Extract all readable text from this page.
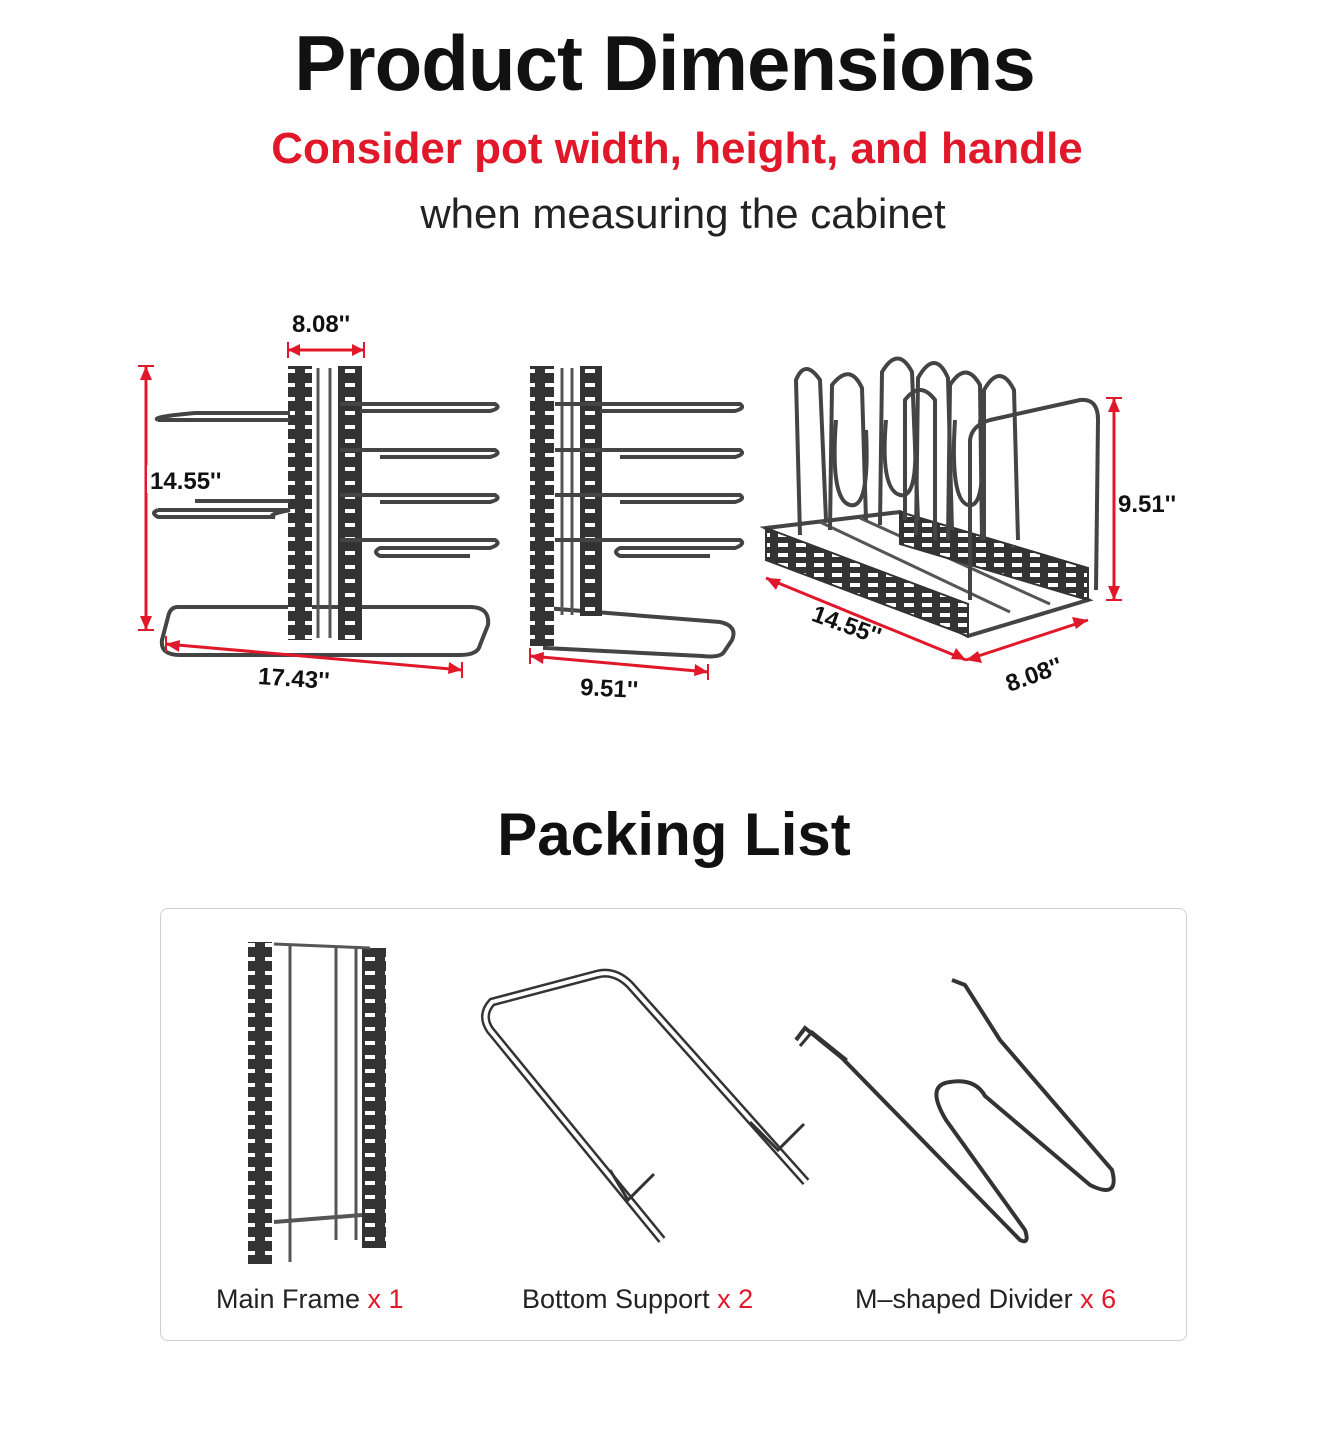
Product Dimensions
Consider pot width, height, and handle
when measuring the cabinet
8.08''
14.55''
17.43''	9.51''
9.51''
14.55''
8.08''
Packing List
Main Frame x 1	Bottom Support x 2	M–shaped Divider x 6
